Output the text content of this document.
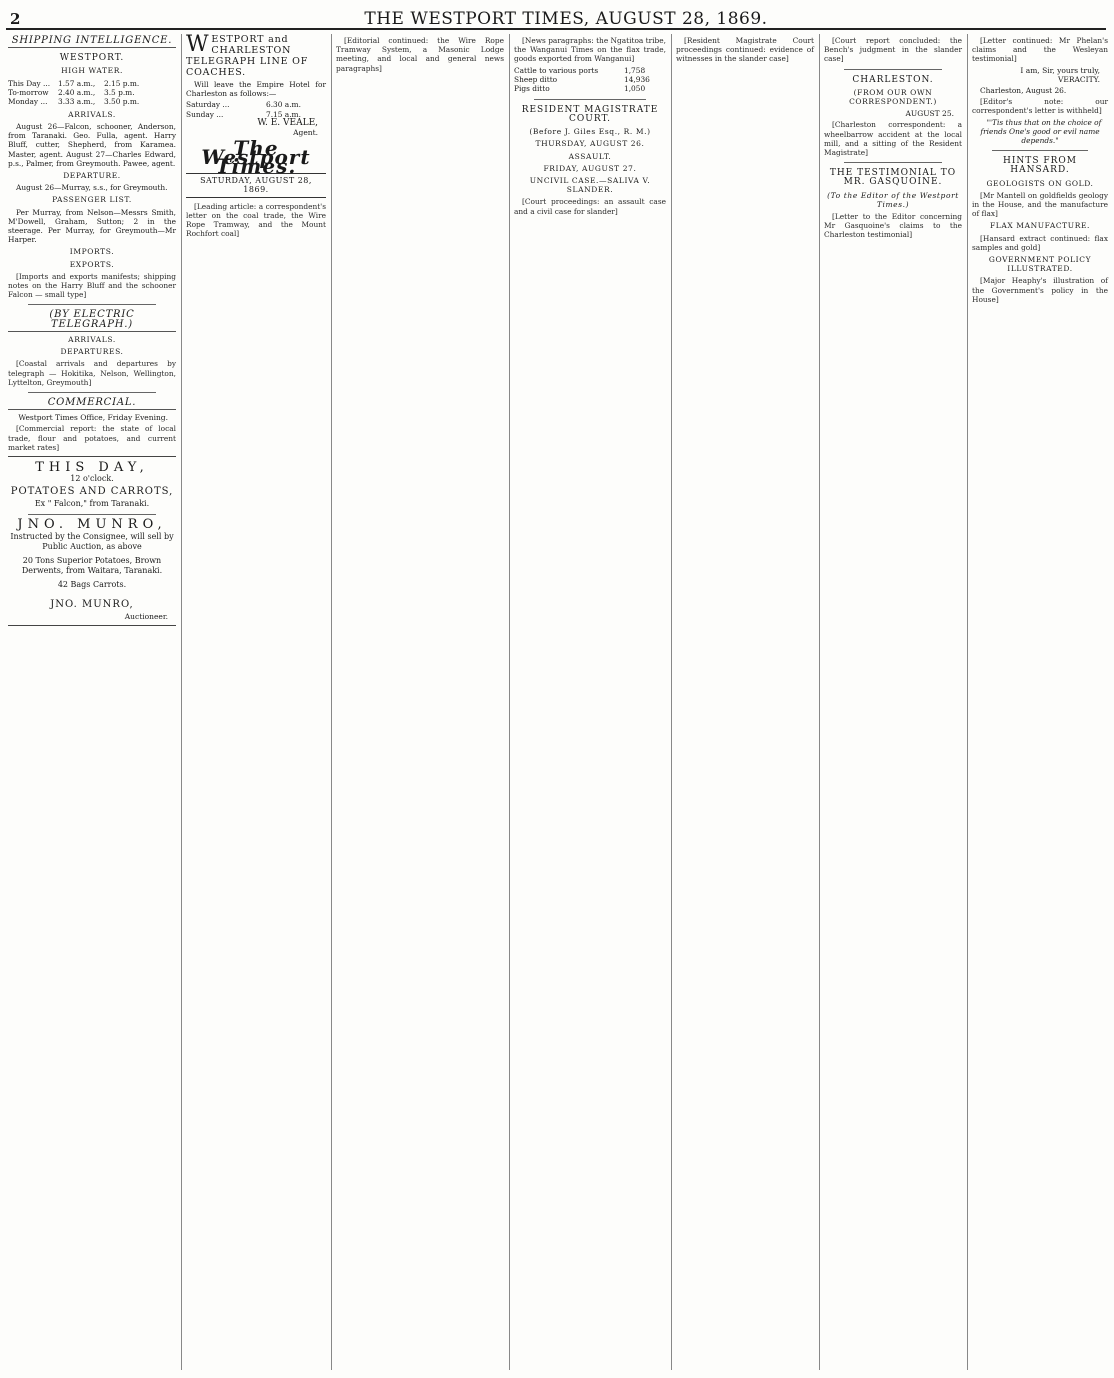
2	THE WESTPORT TIMES, AUGUST 28, 1869.
SHIPPING INTELLIGENCE.
WESTPORT.
HIGH WATER.
This Day ...	1.57 a.m.,	2.15 p.m.
To-morrow	2.40 a.m.,	3.5 p.m.
Monday ...	3.33 a.m.,	3.50 p.m.
ARRIVALS.

August 26—Falcon, schooner, Anderson, from Taranaki. Geo. Fulla, agent. Harry Bluff, cutter, Shepherd, from Karamea. Master, agent. August 27—Charles Edward, p.s., Palmer, from Greymouth. Pawee, agent.

DEPARTURE.

August 26—Murray, s.s., for Greymouth.

PASSENGER LIST.

Per Murray, from Nelson—Messrs Smith, M'Dowell, Graham, Sutton; 2 in the steerage. Per Murray, for Greymouth—Mr Harper.

IMPORTS.
EXPORTS.

[Imports and exports manifests; shipping notes on the Harry Bluff and the schooner Falcon — small type]

(BY ELECTRIC TELEGRAPH.)
ARRIVALS.
DEPARTURES.

[Coastal arrivals and departures by telegraph — Hokitika, Nelson, Wellington, Lyttelton, Greymouth]

COMMERCIAL.
Westport Times Office, Friday Evening.

[Commercial report: the state of local trade, flour and potatoes, and current market rates]

THIS DAY,
12 o'clock.
POTATOES AND CARROTS,
Ex " Falcon," from Taranaki.
JNO. MUNRO,
Instructed by the Consignee, will sell by Public Auction, as above
20 Tons Superior Potatoes, Brown Derwents, from Waitara, Taranaki.
42 Bags Carrots.
JNO. MUNRO,
Auctioneer.
W ESTPORT and CHARLESTON TELEGRAPH LINE OF COACHES.

Will leave the Empire Hotel for Charleston as follows:—

Saturday ...	6.30 a.m.
Sunday ...	7.15 a.m.
W. E. VEALE,
Agent.
The Westport Times.
SATURDAY, AUGUST 28, 1869.

[Leading article: a correspondent's letter on the coal trade, the Wire Rope Tramway, and the Mount Rochfort coal]

[Editorial continued: the Wire Rope Tramway System, a Masonic Lodge meeting, and local and general news paragraphs]

[News paragraphs: the Ngatitoa tribe, the Wanganui Times on the flax trade, goods exported from Wanganui]

Cattle to various ports	1,758
Sheep ditto	14,936
Pigs ditto	1,050
RESIDENT MAGISTRATE COURT.
(Before J. Giles Esq., R. M.)
THURSDAY, AUGUST 26.
ASSAULT.
FRIDAY, AUGUST 27.
UNCIVIL CASE.—SALIVA V. SLANDER.

[Court proceedings: an assault case and a civil case for slander]

[Resident Magistrate Court proceedings continued: evidence of witnesses in the slander case]

[Court report concluded: the Bench's judgment in the slander case]

CHARLESTON.
(FROM OUR OWN CORRESPONDENT.)
AUGUST 25.

[Charleston correspondent: a wheelbarrow accident at the local mill, and a sitting of the Resident Magistrate]

THE TESTIMONIAL TO MR. GASQUOINE.
(To the Editor of the Westport Times.)

[Letter to the Editor concerning Mr Gasquoine's claims to the Charleston testimonial]

[Letter continued: Mr Phelan's claims and the Wesleyan testimonial]

I am, Sir, yours truly,
VERACITY.

Charleston, August 26.

[Editor's note: our correspondent's letter is withheld]

"'Tis thus that on the choice of friends One's good or evil name depends."

HINTS FROM HANSARD.
GEOLOGISTS ON GOLD.

[Mr Mantell on goldfields geology in the House, and the manufacture of flax]

FLAX MANUFACTURE.

[Hansard extract continued: flax samples and gold]

GOVERNMENT POLICY ILLUSTRATED.

[Major Heaphy's illustration of the Government's policy in the House]
